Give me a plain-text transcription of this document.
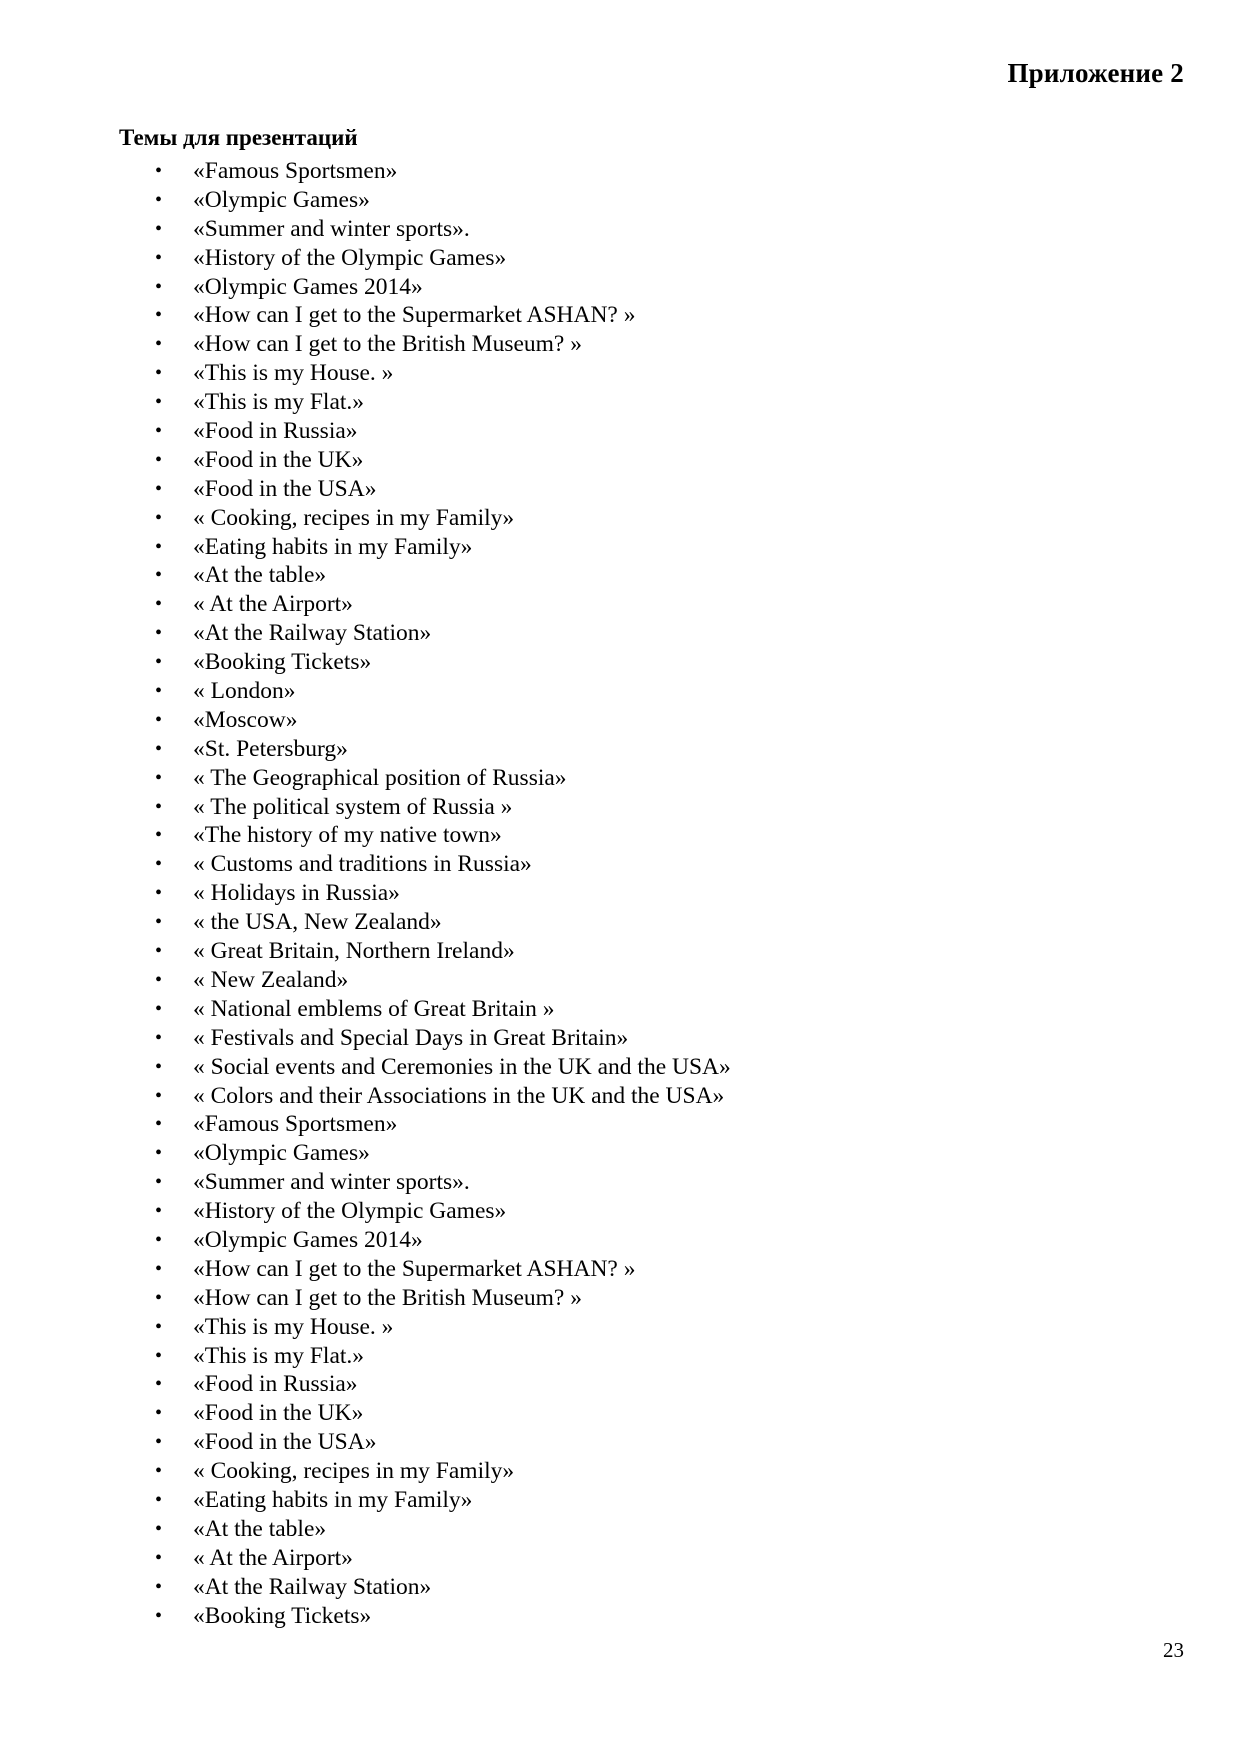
Приложение 2
Темы для презентаций
• «Famous Sportsmen»
• «Olympic Games»
• «Summer and winter sports».
• «History of the Olympic Games»
• «Olympic Games 2014»
• «How can I get to the Supermarket ASHAN? »
• «How can I get to the British Museum? »
• «This is my House. »
• «This is my Flat.»
• «Food in Russia»
• «Food in the UK»
• «Food in the USA»
• « Cooking, recipes in my Family»
• «Eating habits in my Family»
• «At the table»
• « At the Airport»
• «At the Railway Station»
• «Booking Tickets»
• « London»
• «Moscow»
• «St. Petersburg»
• « The Geographical position of Russia»
• « The political system of Russia »
• «The history of my native town»
• « Customs and traditions in Russia»
• « Holidays in Russia»
• « the USA, New Zealand»
• « Great Britain, Northern Ireland»
• « New Zealand»
• « National emblems of Great Britain »
• « Festivals and Special Days in Great Britain»
• « Social events and Ceremonies in the UK and the USA»
• « Colors and their Associations in the UK and the USA»
• «Famous Sportsmen»
• «Olympic Games»
• «Summer and winter sports».
• «History of the Olympic Games»
• «Olympic Games 2014»
• «How can I get to the Supermarket ASHAN? »
• «How can I get to the British Museum? »
• «This is my House. »
• «This is my Flat.»
• «Food in Russia»
• «Food in the UK»
• «Food in the USA»
• « Cooking, recipes in my Family»
• «Eating habits in my Family»
• «At the table»
• « At the Airport»
• «At the Railway Station»
• «Booking Tickets»
23
